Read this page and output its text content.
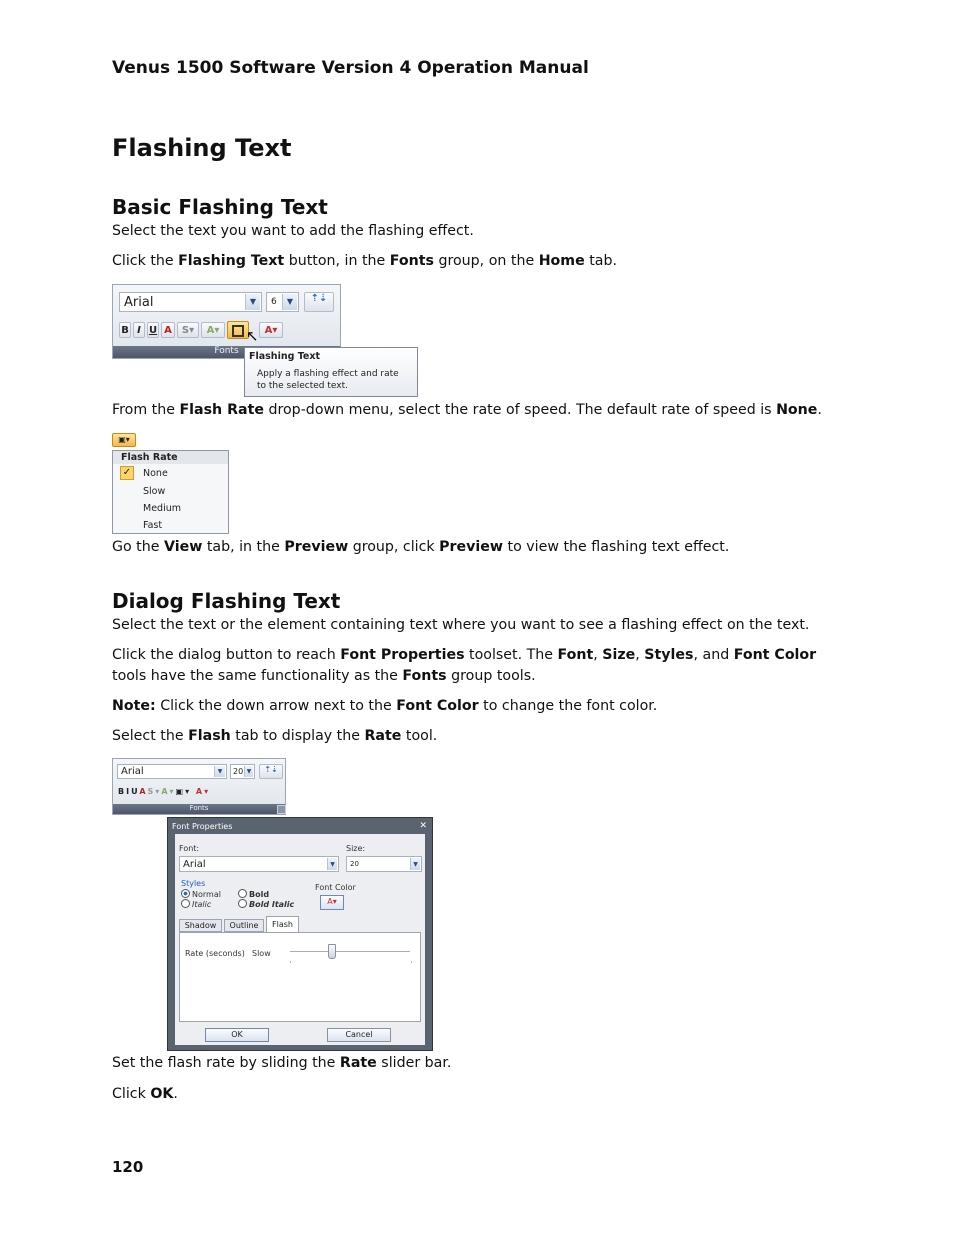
Venus 1500 Software Version 4 Operation Manual
Flashing Text
Basic Flashing Text
Select the text you want to add the flashing effect.
Click the Flashing Text button, in the Fonts group, on the Home tab.
Arial	▼	6	▼	⇡⇣
B I U A	S▾	A▾	A▾
Fonts
↖
Flashing Text
Apply a flashing effect and rate to the selected text.
From the Flash Rate drop-down menu, select the rate of speed. The default rate of speed is None.
▣▾
Flash Rate
✓ None
Slow
Medium
Fast
Go the View tab, in the Preview group, click Preview to view the flashing text effect.
Dialog Flashing Text
Select the text or the element containing text where you want to see a flashing effect on the text.
Click the dialog button to reach Font Properties toolset. The Font, Size, Styles, and Font Color tools have the same functionality as the Fonts group tools.
Note: Click the down arrow next to the Font Color to change the font color.
Select the Flash tab to display the Rate tool.
Arial	▼	20 ▼	⇡⇣
BIUAS▾A▾▣▾ A▾
Fonts
Font Properties	✕
Font:	Size:
Arial	▼	20	▼
Styles
Normal
Italic
Bold
Bold Italic
Font Color
A▾
Shadow	Outline	Flash
Rate (seconds) Slow
OK	Cancel
Set the flash rate by sliding the Rate slider bar.
Click OK.
120
